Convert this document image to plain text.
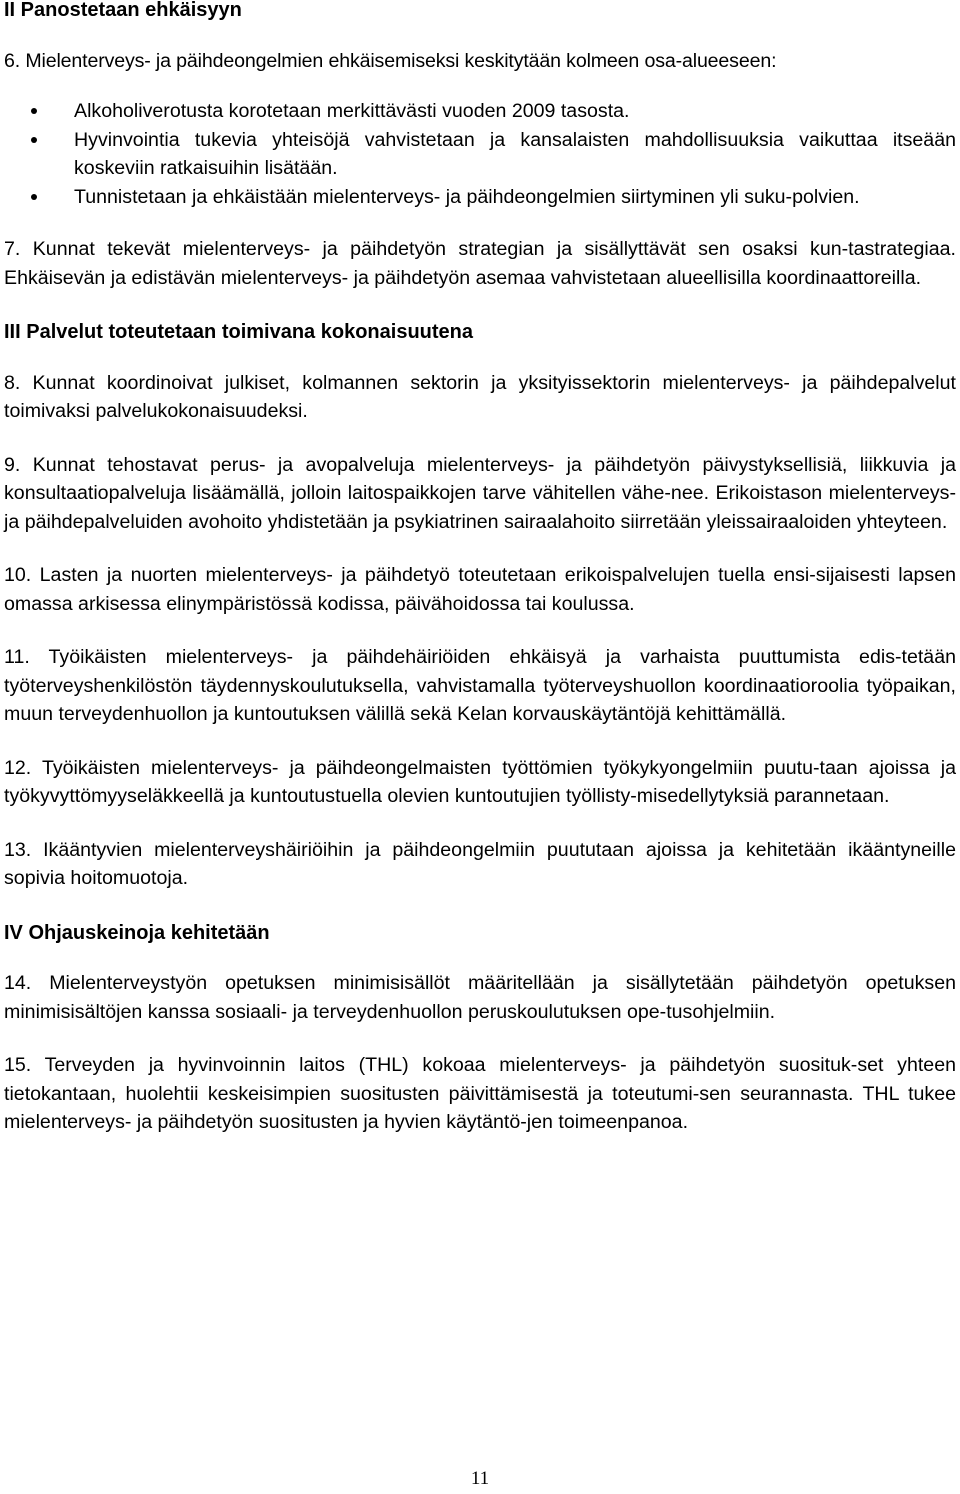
II Panostetaan ehkäisyyn

6. Mielenterveys- ja päihdeongelmien ehkäisemiseksi keskitytään kolmeen osa-alueeseen:

Alkoholiverotusta korotetaan merkittävästi vuoden 2009 tasosta.
Hyvinvointia tukevia yhteisöjä vahvistetaan ja kansalaisten mahdollisuuksia vaikuttaa itseään koskeviin ratkaisuihin lisätään.
Tunnistetaan ja ehkäistään mielenterveys- ja päihdeongelmien siirtyminen yli suku-polvien.

7. Kunnat tekevät mielenterveys- ja päihdetyön strategian ja sisällyttävät sen osaksi kun-tastrategiaa. Ehkäisevän ja edistävän mielenterveys- ja päihdetyön asemaa vahvistetaan alueellisilla koordinaattoreilla.

III Palvelut toteutetaan toimivana kokonaisuutena

8. Kunnat koordinoivat julkiset, kolmannen sektorin ja yksityissektorin mielenterveys- ja päihdepalvelut toimivaksi palvelukokonaisuudeksi.

9. Kunnat tehostavat perus- ja avopalveluja mielenterveys- ja päihdetyön päivystyksellisiä, liikkuvia ja konsultaatiopalveluja lisäämällä, jolloin laitospaikkojen tarve vähitellen vähe-nee. Erikoistason mielenterveys- ja päihdepalveluiden avohoito yhdistetään ja psykiatrinen sairaalahoito siirretään yleissairaaloiden yhteyteen.

10. Lasten ja nuorten mielenterveys- ja päihdetyö toteutetaan erikoispalvelujen tuella ensi-sijaisesti lapsen omassa arkisessa elinympäristössä kodissa, päivähoidossa tai koulussa.

11. Työikäisten mielenterveys- ja päihdehäiriöiden ehkäisyä ja varhaista puuttumista edis-tetään työterveyshenkilöstön täydennyskoulutuksella, vahvistamalla työterveyshuollon koordinaatioroolia työpaikan, muun terveydenhuollon ja kuntoutuksen välillä sekä Kelan korvauskäytäntöjä kehittämällä.

12. Työikäisten mielenterveys- ja päihdeongelmaisten työttömien työkykyongelmiin puutu-taan ajoissa ja työkyvyttömyyseläkkeellä ja kuntoutustuella olevien kuntoutujien työllisty-misedellytyksiä parannetaan.

13. Ikääntyvien mielenterveyshäiriöihin ja päihdeongelmiin puututaan ajoissa ja kehitetään ikääntyneille sopivia hoitomuotoja.

IV Ohjauskeinoja kehitetään

14. Mielenterveystyön opetuksen minimisisällöt määritellään ja sisällytetään päihdetyön opetuksen minimisisältöjen kanssa sosiaali- ja terveydenhuollon peruskoulutuksen ope-tusohjelmiin.

15. Terveyden ja hyvinvoinnin laitos (THL) kokoaa mielenterveys- ja päihdetyön suosituk-set yhteen tietokantaan, huolehtii keskeisimpien suositusten päivittämisestä ja toteutumi-sen seurannasta. THL tukee mielenterveys- ja päihdetyön suositusten ja hyvien käytäntö-jen toimeenpanoa.

11
